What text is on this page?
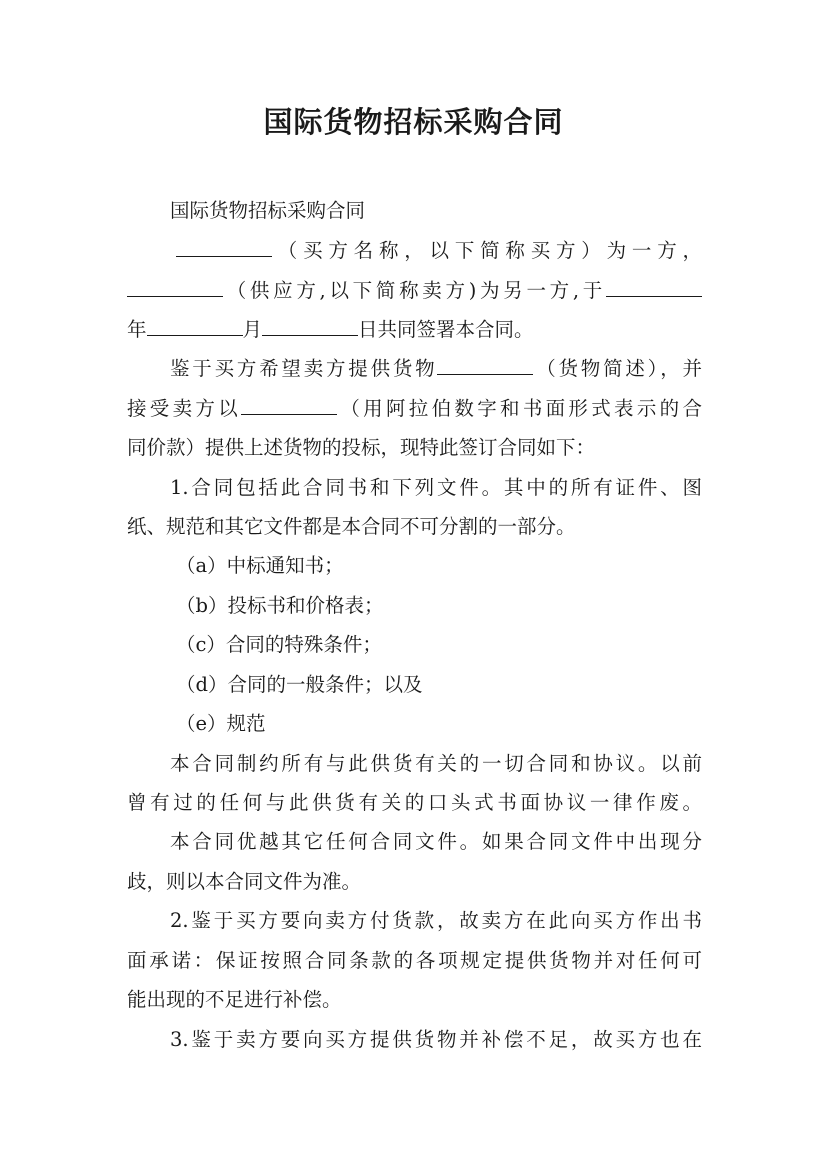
国际货物招标采购合同
国际货物招标采购合同
（买方名称，以下简称买方）为一方，
（供应方,以下简称卖方)为另一方,于
年	月	日共同签署本合同。
鉴于买方希望卖方提供货物	（货物简述），并
接受卖方以	（用阿拉伯数字和书面形式表示的合
同价款）提供上述货物的投标，现特此签订合同如下：
1.合同包括此合同书和下列文件。其中的所有证件、图
纸、规范和其它文件都是本合同不可分割的一部分。
（a）中标通知书；
（b）投标书和价格表；
（c）合同的特殊条件；
（d）合同的一般条件；以及
（e）规范
本合同制约所有与此供货有关的一切合同和协议。以前
曾有过的任何与此供货有关的口头式书面协议一律作废。
本合同优越其它任何合同文件。如果合同文件中出现分
歧，则以本合同文件为准。
2.鉴于买方要向卖方付货款，故卖方在此向买方作出书
面承诺：保证按照合同条款的各项规定提供货物并对任何可
能出现的不足进行补偿。
3.鉴于卖方要向买方提供货物并补偿不足，故买方也在
